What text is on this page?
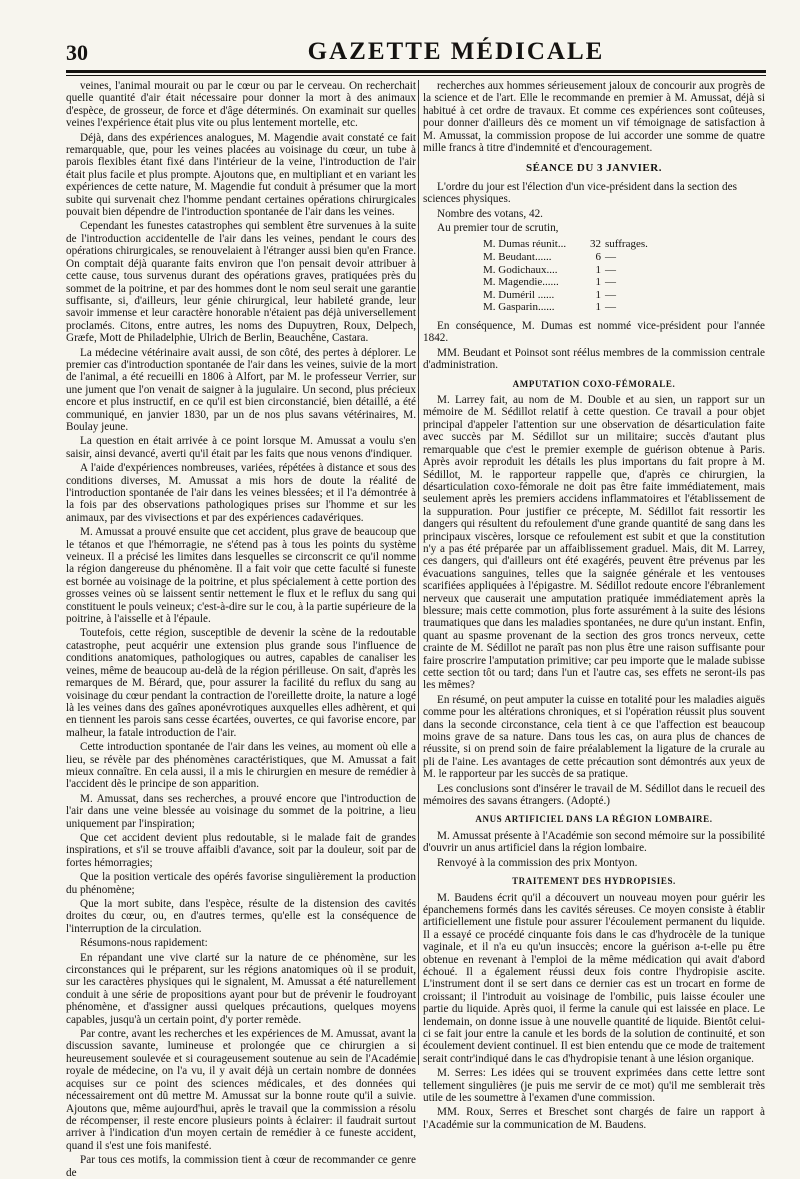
30	GAZETTE MÉDICALE

veines, l'animal mourait ou par le cœur ou par le cerveau. On recherchait quelle quantité d'air était nécessaire pour donner la mort à des animaux d'espèce, de grosseur, de force et d'âge déterminés. On examinait sur quelles veines l'expérience était plus vite ou plus lentement mortelle, etc.

Déjà, dans des expériences analogues, M. Magendie avait constaté ce fait remarquable, que, pour les veines placées au voisinage du cœur, un tube à parois flexibles étant fixé dans l'intérieur de la veine, l'introduction de l'air était plus facile et plus prompte. Ajoutons que, en multipliant et en variant les expériences de cette nature, M. Magendie fut conduit à présumer que la mort subite qui survenait chez l'homme pendant certaines opérations chirurgicales pouvait bien dépendre de l'introduction spontanée de l'air dans les veines.

Cependant les funestes catastrophes qui semblent être survenues à la suite de l'introduction accidentelle de l'air dans les veines, pendant le cours des opérations chirurgicales, se renouvelaient à l'étranger aussi bien qu'en France. On comptait déjà quarante faits environ que l'on pensait devoir attribuer à cette cause, tous survenus durant des opérations graves, pratiquées près du sommet de la poitrine, et par des hommes dont le nom seul serait une garantie suffisante, si, d'ailleurs, leur génie chirurgical, leur habileté grande, leur savoir immense et leur caractère honorable n'étaient pas déjà universellement proclamés. Citons, entre autres, les noms des Dupuytren, Roux, Delpech, Græfe, Mott de Philadelphie, Ulrich de Berlin, Beauchêne, Castara.

La médecine vétérinaire avait aussi, de son côté, des pertes à déplorer. Le premier cas d'introduction spontanée de l'air dans les veines, suivie de la mort de l'animal, a été recueilli en 1806 à Alfort, par M. le professeur Verrier, sur une jument que l'on venait de saigner à la jugulaire. Un second, plus précieux encore et plus instructif, en ce qu'il est bien circonstancié, bien détaillé, a été communiqué, en janvier 1830, par un de nos plus savans vétérinaires, M. Boulay jeune.

La question en était arrivée à ce point lorsque M. Amussat a voulu s'en saisir, ainsi devancé, averti qu'il était par les faits que nous venons d'indiquer.

A l'aide d'expériences nombreuses, variées, répétées à distance et sous des conditions diverses, M. Amussat a mis hors de doute la réalité de l'introduction spontanée de l'air dans les veines blessées; et il l'a démontrée à la fois par des observations pathologiques prises sur l'homme et sur les animaux, par des vivisections et par des expériences cadavériques.

M. Amussat a prouvé ensuite que cet accident, plus grave de beaucoup que le tétanos et que l'hémorragie, ne s'étend pas à tous les points du système veineux. Il a précisé les limites dans lesquelles se circonscrit ce qu'il nomme la région dangereuse du phénomène. Il a fait voir que cette faculté si funeste est bornée au voisinage de la poitrine, et plus spécialement à cette portion des grosses veines où se laissent sentir nettement le flux et le reflux du sang qui constituent le pouls veineux; c'est-à-dire sur le cou, à la partie supérieure de la poitrine, à l'aisselle et à l'épaule.

Toutefois, cette région, susceptible de devenir la scène de la redoutable catastrophe, peut acquérir une extension plus grande sous l'influence de conditions anatomiques, pathologiques ou autres, capables de canaliser les veines, même de beaucoup au-delà de la région périlleuse. On sait, d'après les remarques de M. Bérard, que, pour assurer la facilité du reflux du sang au voisinage du cœur pendant la contraction de l'oreillette droite, la nature a logé là les veines dans des gaînes aponévrotiques auxquelles elles adhèrent, et qui en tiennent les parois sans cesse écartées, ouvertes, ce qui favorise encore, par malheur, la fatale introduction de l'air.

Cette introduction spontanée de l'air dans les veines, au moment où elle a lieu, se révèle par des phénomènes caractéristiques, que M. Amussat a fait mieux connaître. En cela aussi, il a mis le chirurgien en mesure de remédier à l'accident dès le principe de son apparition.

M. Amussat, dans ses recherches, a prouvé encore que l'introduction de l'air dans une veine blessée au voisinage du sommet de la poitrine, a lieu uniquement par l'inspiration;

Que cet accident devient plus redoutable, si le malade fait de grandes inspirations, et s'il se trouve affaibli d'avance, soit par la douleur, soit par de fortes hémorragies;

Que la position verticale des opérés favorise singulièrement la production du phénomène;

Que la mort subite, dans l'espèce, résulte de la distension des cavités droites du cœur, ou, en d'autres termes, qu'elle est la conséquence de l'interruption de la circulation.

Résumons-nous rapidement:

En répandant une vive clarté sur la nature de ce phénomène, sur les circonstances qui le préparent, sur les régions anatomiques où il se produit, sur les caractères physiques qui le signalent, M. Amussat a été naturellement conduit à une série de propositions ayant pour but de prévenir le foudroyant phénomène, et d'assigner aussi quelques précautions, quelques moyens capables, jusqu'à un certain point, d'y porter remède.

Par contre, avant les recherches et les expériences de M. Amussat, avant la discussion savante, lumineuse et prolongée que ce chirurgien a si heureusement soulevée et si courageusement soutenue au sein de l'Académie royale de médecine, on l'a vu, il y avait déjà un certain nombre de données acquises sur ce point des sciences médicales, et des données qui nécessairement ont dû mettre M. Amussat sur la bonne route qu'il a suivie. Ajoutons que, même aujourd'hui, après le travail que la commission a résolu de récompenser, il reste encore plusieurs points à éclairer: il faudrait surtout arriver à l'indication d'un moyen certain de remédier à ce funeste accident, quand il s'est une fois manifesté.

Par tous ces motifs, la commission tient à cœur de recommander ce genre de

recherches aux hommes sérieusement jaloux de concourir aux progrès de la science et de l'art. Elle le recommande en premier à M. Amussat, déjà si habitué à cet ordre de travaux. Et comme ces expériences sont coûteuses, pour donner d'ailleurs dès ce moment un vif témoignage de satisfaction à M. Amussat, la commission propose de lui accorder une somme de quatre mille francs à titre d'indemnité et d'encouragement.

SÉANCE DU 3 JANVIER.

L'ordre du jour est l'élection d'un vice-président dans la section des sciences physiques.

Nombre des votans, 42.

Au premier tour de scrutin,

M. Dumas réunit...	32 suffrages.
M. Beudant......	6 —
M. Godichaux....	1 —
M. Magendie......	1 —
M. Duméril ......	1 —
M. Gasparin......	1 —

En conséquence, M. Dumas est nommé vice-président pour l'année 1842.

MM. Beudant et Poinsot sont réélus membres de la commission centrale d'administration.

AMPUTATION COXO-FÉMORALE.

M. Larrey fait, au nom de M. Double et au sien, un rapport sur un mémoire de M. Sédillot relatif à cette question. Ce travail a pour objet principal d'appeler l'attention sur une observation de désarticulation faite avec succès par M. Sédillot sur un militaire; succès d'autant plus remarquable que c'est le premier exemple de guérison obtenue à Paris. Après avoir reproduit les détails les plus importans du fait propre à M. Sédillot, M. le rapporteur rappelle que, d'après ce chirurgien, la désarticulation coxo-fémorale ne doit pas être faite immédiatement, mais seulement après les premiers accidens inflammatoires et l'établissement de la suppuration. Pour justifier ce précepte, M. Sédillot fait ressortir les dangers qui résultent du refoulement d'une grande quantité de sang dans les principaux viscères, lorsque ce refoulement est subit et que la constitution n'y a pas été préparée par un affaiblissement graduel. Mais, dit M. Larrey, ces dangers, qui d'ailleurs ont été exagérés, peuvent être prévenus par les évacuations sanguines, telles que la saignée générale et les ventouses scarifiées appliquées à l'épigastre. M. Sédillot redoute encore l'ébranlement nerveux que causerait une amputation pratiquée immédiatement après la blessure; mais cette commotion, plus forte assurément à la suite des lésions traumatiques que dans les maladies spontanées, ne dure qu'un instant. Enfin, quant au spasme provenant de la section des gros troncs nerveux, cette crainte de M. Sédillot ne paraît pas non plus être une raison suffisante pour faire proscrire l'amputation primitive; car peu importe que le malade subisse cette section tôt ou tard; dans l'un et l'autre cas, ses effets ne seront-ils pas les mêmes?

En résumé, on peut amputer la cuisse en totalité pour les maladies aiguës comme pour les altérations chroniques, et si l'opération réussit plus souvent dans la seconde circonstance, cela tient à ce que l'affection est beaucoup moins grave de sa nature. Dans tous les cas, on aura plus de chances de réussite, si on prend soin de faire préalablement la ligature de la crurale au pli de l'aine. Les avantages de cette précaution sont démontrés aux yeux de M. le rapporteur par les succès de sa pratique.

Les conclusions sont d'insérer le travail de M. Sédillot dans le recueil des mémoires des savans étrangers. (Adopté.)

ANUS ARTIFICIEL DANS LA RÉGION LOMBAIRE.

M. Amussat présente à l'Académie son second mémoire sur la possibilité d'ouvrir un anus artificiel dans la région lombaire.

Renvoyé à la commission des prix Montyon.

TRAITEMENT DES HYDROPISIES.

M. Baudens écrit qu'il a découvert un nouveau moyen pour guérir les épanchemens formés dans les cavités séreuses. Ce moyen consiste à établir artificiellement une fistule pour assurer l'écoulement permanent du liquide. Il a essayé ce procédé cinquante fois dans le cas d'hydrocèle de la tunique vaginale, et il n'a eu qu'un insuccès; encore la guérison a-t-elle pu être obtenue en revenant à l'emploi de la même médication qui avait d'abord échoué. Il a également réussi deux fois contre l'hydropisie ascite. L'instrument dont il se sert dans ce dernier cas est un trocart en forme de croissant; il l'introduit au voisinage de l'ombilic, puis laisse écouler une partie du liquide. Après quoi, il ferme la canule qui est laissée en place. Le lendemain, on donne issue à une nouvelle quantité de liquide. Bientôt celui-ci se fait jour entre la canule et les bords de la solution de continuité, et son écoulement devient continuel. Il est bien entendu que ce mode de traitement serait contr'indiqué dans le cas d'hydropisie tenant à une lésion organique.

M. Serres: Les idées qui se trouvent exprimées dans cette lettre sont tellement singulières (je puis me servir de ce mot) qu'il me semblerait très utile de les soumettre à l'examen d'une commission.

MM. Roux, Serres et Breschet sont chargés de faire un rapport à l'Académie sur la communication de M. Baudens.
